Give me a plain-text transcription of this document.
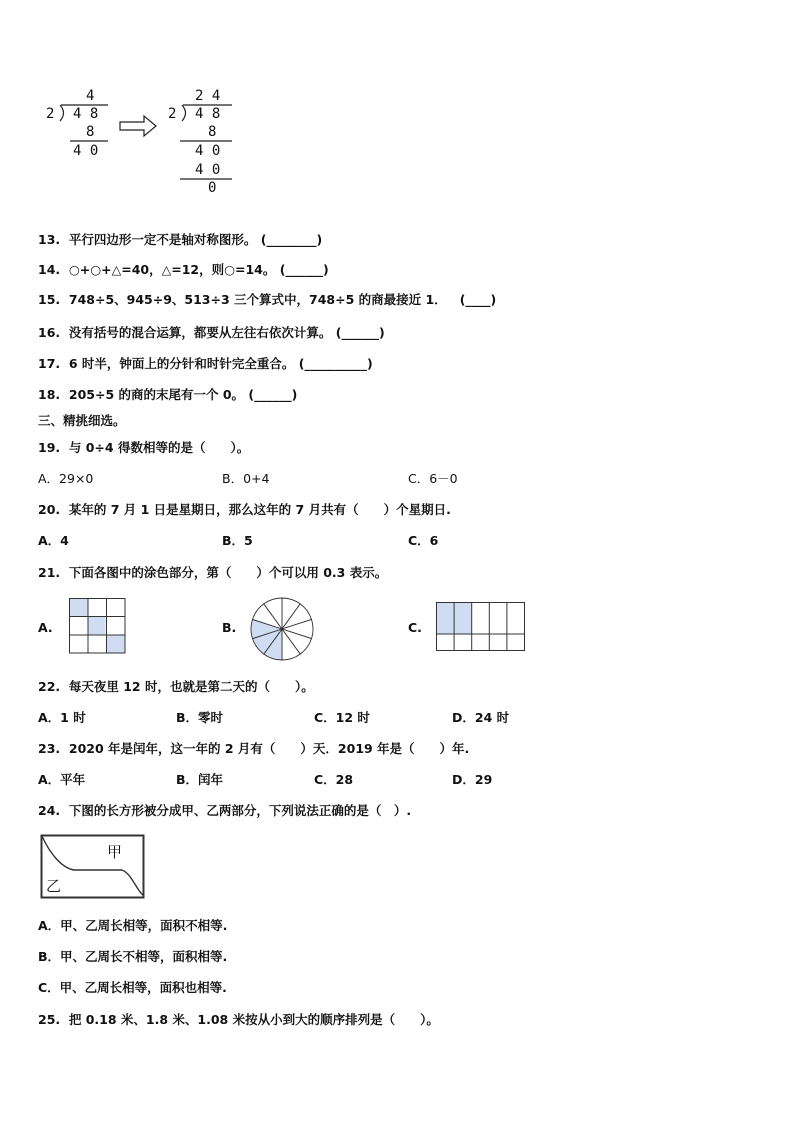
4
2 4 8
8
4 0
2 4
2 4 8
8
4 0
4 0
0
13. 平行四边形一定不是轴对称图形。 (________)
14. ○+○+△=40，△=12，则○=14。 (______)
15. 748÷5、945÷9、513÷3 三个算式中，748÷5 的商最接近 1． (____)
16. 没有括号的混合运算，都要从左往右依次计算。 (______)
17. 6 时半，钟面上的分针和时针完全重合。 (__________)
18. 205÷5 的商的末尾有一个 0。 (______)
三、精挑细选。
19. 与 0÷4 得数相等的是（　　）。
A．29×0	B．0+4	C．6－0
20. 某年的 7 月 1 日是星期日，那么这年的 7 月共有（　　）个星期日.
A．4	B．5	C．6
21. 下面各图中的涂色部分，第（　　）个可以用 0.3 表示。
A.	B.	C.
22. 每天夜里 12 时，也就是第二天的（　　）。
A．1 时	B．零时	C．12 时	D．24 时
23. 2020 年是闰年，这一年的 2 月有（　　）天．2019 年是（　　）年.
A．平年	B．闰年	C．28	D．29
24. 下图的长方形被分成甲、乙两部分，下列说法正确的是（　）.
甲
乙
A．甲、乙周长相等，面积不相等.
B．甲、乙周长不相等，面积相等.
C．甲、乙周长相等，面积也相等.
25. 把 0.18 米、1.8 米、1.08 米按从小到大的顺序排列是（　　）。
